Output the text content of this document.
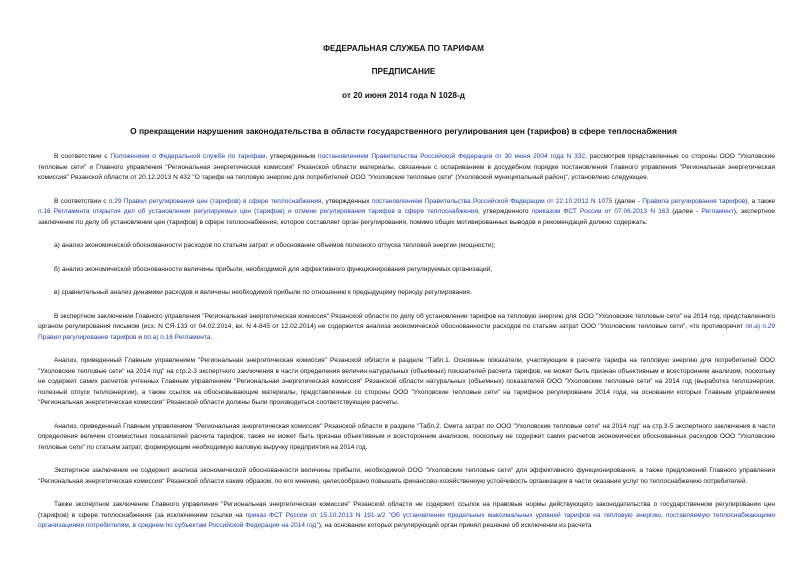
ФЕДЕРАЛЬНАЯ СЛУЖБА ПО ТАРИФАМ
ПРЕДПИСАНИЕ
от 20 июня 2014 года N 1028-д
О прекращении нарушения законодательства в области государственного регулирования цен (тарифов) в сфере теплоснабжения

В соответствии с Положением о Федеральной службе по тарифам, утвержденным постановлением Правительства Российской Федерации от 30 июня 2004 года N 332, рассмотрев представленные со стороны ООО "Ухоловские тепловые сети" и Главного управления "Региональная энергетическая комиссия" Рязанской области материалы, связанные с оспариванием в досудебном порядке постановления Главного управления "Региональная энергетическая комиссия" Рязанской области от 20.12.2013 N 432 "О тарифе на тепловую энергию для потребителей ООО "Ухоловские тепловые сети" (Ухоловский муниципальный район)", установлено следующее.

В соответствии с п.29 Правил регулирования цен (тарифов) в сфере теплоснабжения, утвержденных постановлением Правительства Российской Федерации от 22.10.2012 N 1075 (далее - Правила регулирования тарифов), а также п.16 Регламента открытия дел об установлении регулируемых цен (тарифов) и отмене регулирования тарифов в сфере теплоснабжения, утвержденного приказом ФСТ России от 07.06.2013 N 163 (далее - Регламент), экспертное заключение по делу об установлении цен (тарифов) в сфере теплоснабжения, которое составляет орган регулирования, помимо общих мотивированных выводов и рекомендаций должно содержать:

а) анализ экономической обоснованности расходов по статьям затрат и обоснование объемов полезного отпуска тепловой энергии (мощности);

б) анализ экономической обоснованности величины прибыли, необходимой для эффективного функционирования регулируемых организаций;

в) сравнительный анализ динамики расходов и величины необходимой прибыли по отношению к предыдущему периоду регулирования.

В экспертном заключении Главного управления "Региональная энергетическая комиссия" Рязанской области по делу об установлении тарифов на тепловую энергию для ООО "Ухоловские тепловые сети" на 2014 год, представленного органом регулирования письмом (исх. N СЯ-133 от 04.02.2014, вх. N 4-845 от 12.02.2014) не содержится анализа экономической обоснованности расходов по статьям затрат ООО "Ухоловские тепловые сети", что противоречит пп.а) п.29 Правил регулирования тарифов и пп.а) п.16 Регламента.

Анализ, приведенный Главным управлением "Региональная энергетическая комиссия" Рязанской области в разделе "Табл.1. Основные показатели, участвующие в расчете тарифа на тепловую энергию для потребителей ООО "Ухоловские тепловые сети" на 2014 год" на стр.2-3 экспертного заключения в части определения величин натуральных (объемных) показателей расчета тарифов, не может быть признан объективным и всесторонним анализом, поскольку не содержит самих расчетов учтенных Главным управлением "Региональная энергетическая комиссия" Рязанской области натуральных (объемных) показателей ООО "Ухоловские тепловые сети" на 2014 год (выработка теплоэнергии, полезный отпуск теплоэнергии), а также ссылок на обосновывающие материалы, представленные со стороны ООО "Ухоловские тепловые сети" на тарифное регулирование 2014 года, на основании которых Главным управлением "Региональная энергетическая комиссия" Рязанской области должны были производиться соответствующие расчеты.

Анализ, приведенный Главным управлением "Региональная энергетическая комиссия" Рязанской области в разделе "Табл.2. Смета затрат по ООО "Ухоловские тепловые сети" на 2014 год" на стр.3-5 экспертного заключения в части определения величин стоимостных показателей расчета тарифов, также не может быть признан объективным и всесторонним анализом, поскольку не содержит самих расчетов экономически обоснованных расходов ООО "Ухоловские тепловые сети" по статьям затрат, формирующим необходимую валовую выручку предприятия на 2014 год.

Экспертное заключение не содержит анализа экономической обоснованности величины прибыли, необходимой ООО "Ухоловские тепловые сети" для эффективного функционирования, а также предложений Главного управления "Региональная энергетическая комиссия" Рязанской области каким образом, по его мнению, целесообразно повышать финансово-хозяйственную устойчивость организации в части оказания услуг по теплоснабжению потребителей.

Также экспертное заключение Главного управления "Региональная энергетическая комиссия" Рязанской области не содержит ссылок на правовые нормы действующего законодательства о государственном регулировании цен (тарифов) в сфере теплоснабжения (за исключением ссылки на приказ ФСТ России от 15.10.2013 N 191-э/2 "Об установлении предельных максимальных уровней тарифов на тепловую энергию, поставляемую теплоснабжающими организациями потребителям, в среднем по субъектам Российской Федерации на 2014 год"), на основании которых регулирующий орган принял решение об исключении из расчета
